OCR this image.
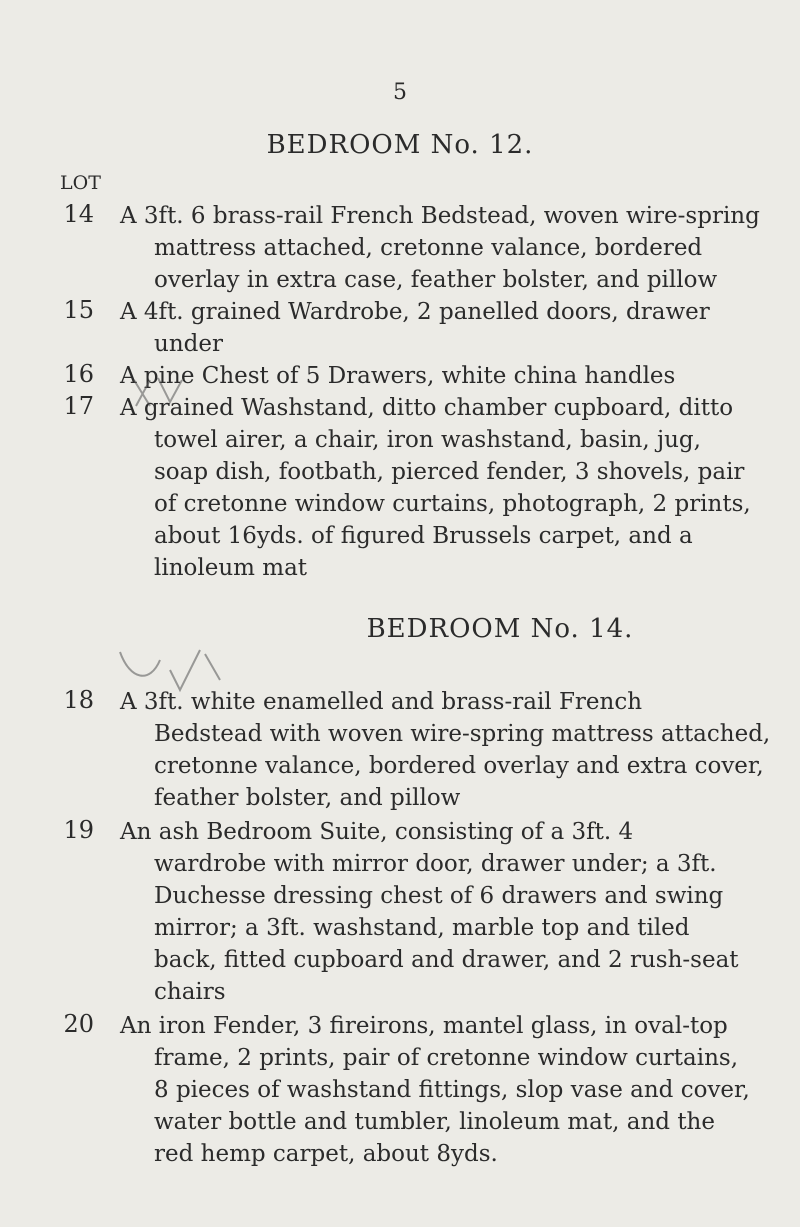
5
BEDROOM No. 12.
LOT
14 A 3ft. 6 brass-rail French Bedstead, woven wire-spring
mattress attached, cretonne valance, bordered
overlay in extra case, feather bolster, and pillow
15 A 4ft. grained Wardrobe, 2 panelled doors, drawer
under
16 A pine Chest of 5 Drawers, white china handles
17 A grained Washstand, ditto chamber cupboard, ditto
towel airer, a chair, iron washstand, basin, jug,
soap dish, footbath, pierced fender, 3 shovels, pair
of cretonne window curtains, photograph, 2 prints,
about 16yds. of figured Brussels carpet, and a
linoleum mat
BEDROOM No. 14.
18 A 3ft. white enamelled and brass-rail French
Bedstead with woven wire-spring mattress attached,
cretonne valance, bordered overlay and extra cover,
feather bolster, and pillow
19 An ash Bedroom Suite, consisting of a 3ft. 4
wardrobe with mirror door, drawer under; a 3ft.
Duchesse dressing chest of 6 drawers and swing
mirror; a 3ft. washstand, marble top and tiled
back, fitted cupboard and drawer, and 2 rush-seat
chairs
20 An iron Fender, 3 fireirons, mantel glass, in oval-top
frame, 2 prints, pair of cretonne window curtains,
8 pieces of washstand fittings, slop vase and cover,
water bottle and tumbler, linoleum mat, and the
red hemp carpet, about 8yds.
